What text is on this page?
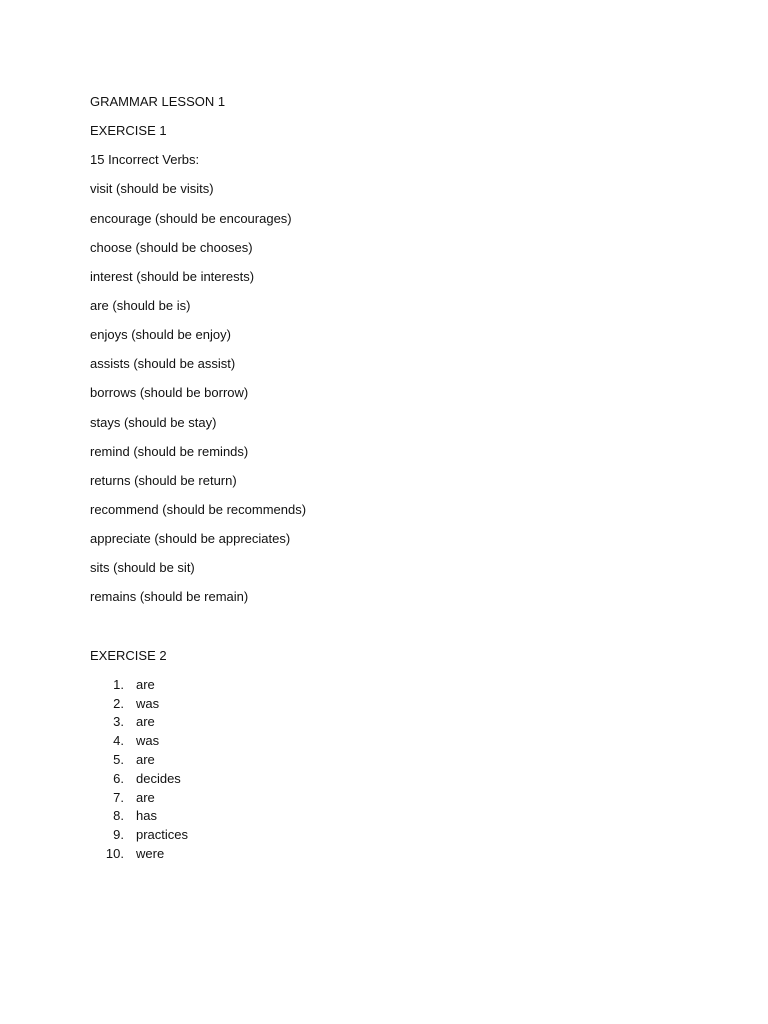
GRAMMAR LESSON 1

EXERCISE 1

15 Incorrect Verbs:

visit (should be visits)

encourage (should be encourages)

choose (should be chooses)

interest (should be interests)

are (should be is)

enjoys (should be enjoy)

assists (should be assist)

borrows (should be borrow)

stays (should be stay)

remind (should be reminds)

returns (should be return)

recommend (should be recommends)

appreciate (should be appreciates)

sits (should be sit)

remains (should be remain)

EXERCISE 2

1. are
2. was
3. are
4. was
5. are
6. decides
7. are
8. has
9. practices
10. were
